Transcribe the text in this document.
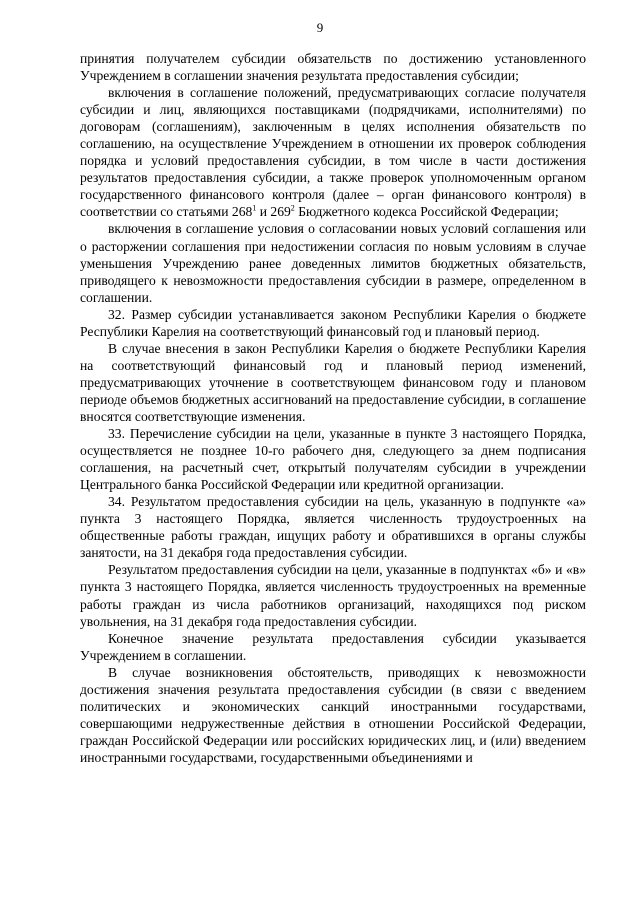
9

принятия получателем субсидии обязательств по достижению установленного Учреждением в соглашении значения результата предоставления субсидии;

включения в соглашение положений, предусматривающих согласие получателя субсидии и лиц, являющихся поставщиками (подрядчиками, исполнителями) по договорам (соглашениям), заключенным в целях исполнения обязательств по соглашению, на осуществление Учреждением в отношении их проверок соблюдения порядка и условий предоставления субсидии, в том числе в части достижения результатов предоставления субсидии, а также проверок уполномоченным органом государственного финансового контроля (далее – орган финансового контроля) в соответствии со статьями $268^1$ и $269^2$ Бюджетного кодекса Российской Федерации;

включения в соглашение условия о согласовании новых условий соглашения или о расторжении соглашения при недостижении согласия по новым условиям в случае уменьшения Учреждению ранее доведенных лимитов бюджетных обязательств, приводящего к невозможности предоставления субсидии в размере, определенном в соглашении.

32. Размер субсидии устанавливается законом Республики Карелия о бюджете Республики Карелия на соответствующий финансовый год и плановый период.

В случае внесения в закон Республики Карелия о бюджете Республики Карелия на соответствующий финансовый год и плановый период изменений, предусматривающих уточнение в соответствующем финансовом году и плановом периоде объемов бюджетных ассигнований на предоставление субсидии, в соглашение вносятся соответствующие изменения.

33. Перечисление субсидии на цели, указанные в пункте 3 настоящего Порядка, осуществляется не позднее 10-го рабочего дня, следующего за днем подписания соглашения, на расчетный счет, открытый получателям субсидии в учреждении Центрального банка Российской Федерации или кредитной организации.

34. Результатом предоставления субсидии на цель, указанную в подпункте «а» пункта 3 настоящего Порядка, является численность трудоустроенных на общественные работы граждан, ищущих работу и обратившихся в органы службы занятости, на 31 декабря года предоставления субсидии.

Результатом предоставления субсидии на цели, указанные в подпунктах «б» и «в» пункта 3 настоящего Порядка, является численность трудоустроенных на временные работы граждан из числа работников организаций, находящихся под риском увольнения, на 31 декабря года предоставления субсидии.

Конечное значение результата предоставления субсидии указывается Учреждением в соглашении.

В случае возникновения обстоятельств, приводящих к невозможности достижения значения результата предоставления субсидии (в связи с введением политических и экономических санкций иностранными государствами, совершающими недружественные действия в отношении Российской Федерации, граждан Российской Федерации или российских юридических лиц, и (или) введением иностранными государствами, государственными объединениями и
